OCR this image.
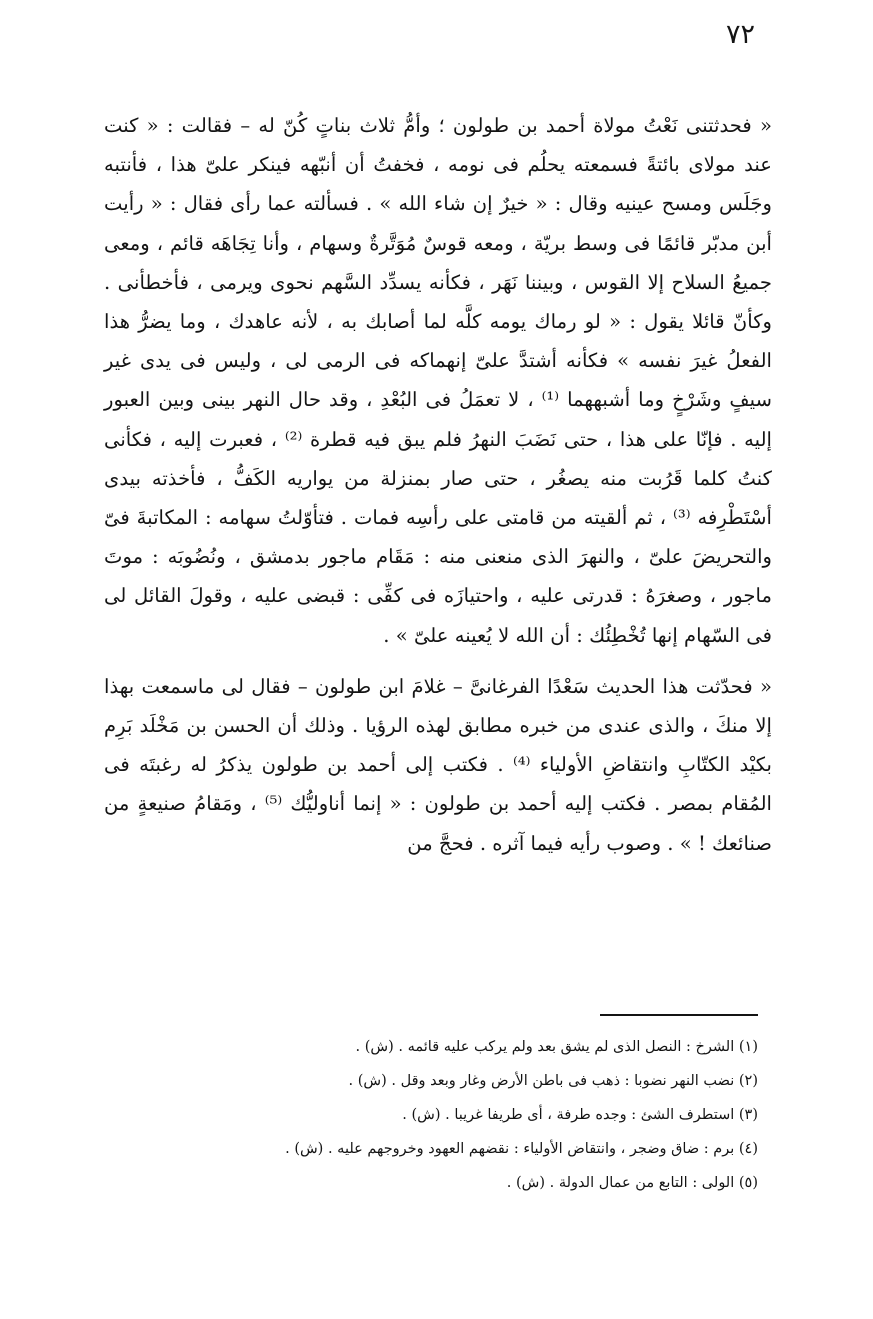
٧٢

« فحدثتنى نَعْتُ مولاة أحمد بن طولون ؛ وأمُّ ثلاث بناتٍ كُنّ له – فقالت : « كنت عند مولاى بائتةً فسمعته يحلُم فى نومه ، فخفتُ أن أنبّهه فينكر علىّ هذا ، فأنتبه وجَلَس ومسح عينيه وقال : « خيرٌ إن شاء الله » . فسألته عما رأى فقال : « رأيت أبن مدبّر قائمًا فى وسط بريّة ، ومعه قوسٌ مُوَتَّرةٌ وسهام ، وأنا تِجَاهَه قائم ، ومعى جميعُ السلاح إلا القوس ، وبيننا نَهَر ، فكأنه يسدِّد السَّهم نحوى ويرمى ، فأخطأنى . وكأنّ قائلا يقول : « لو رماك يومه كلَّه لما أصابك به ، لأنه عاهدك ، وما يضرُّ هذا الفعلُ غيرَ نفسه » فكأنه أشتدَّ علىّ إنهماكه فى الرمى لى ، وليس فى يدى غير سيفٍ وشَرْخٍ وما أشبههما ⁽¹⁾ ، لا تعمَلُ فى البُعْدِ ، وقد حال النهر بينى وبين العبور إليه . فإنّا على هذا ، حتى نَضَبَ النهرُ فلم يبق فيه قطرة ⁽²⁾ ، فعبرت إليه ، فكأنى كنتُ كلما قَرُبت منه يصغُر ، حتى صار بمنزلة من يواريه الكَفُّ ، فأخذته بيدى أسْتَطْرِفه ⁽³⁾ ، ثم ألقيته من قامتى على رأسِه فمات . فتأوّلتُ سهامه : المكاتبةَ فىّ والتحريضَ علىّ ، والنهرَ الذى منعنى منه : مَقَام ماجور بدمشق ، ونُضُوبَه : موتَ ماجور ، وصغرَهُ : قدرتى عليه ، واحتيازَه فى كفِّى : قبضى عليه ، وقولَ القائل لى فى السّهام إنها تُخْطِئُك : أن الله لا يُعينه علىّ » .

« فحدّثت هذا الحديث سَعْدًا الفرغانىَّ – غلامَ ابن طولون – فقال لى ماسمعت بهذا إلا منكَ ، والذى عندى من خبره مطابق لهذه الرؤيا . وذلك أن الحسن بن مَخْلَد بَرِم بكيْد الكتّابِ وانتقاضِ الأولياء ⁽⁴⁾ . فكتب إلى أحمد بن طولون يذكرُ له رغبتَه فى المُقام بمصر . فكتب إليه أحمد بن طولون : « إنما أناوليُّك ⁽⁵⁾ ، ومَقامُ صنيعةٍ من صنائعك ! » . وصوب رأيه فيما آثره . فحجَّ من

(١) الشرخ : النصل الذى لم يشق بعد ولم يركب عليه قائمه . (ش) .
(٢) نضب النهر نضوبا : ذهب فى باطن الأرض وغار وبعد وقل . (ش) .
(٣) استطرف الشئ : وجده طرفة ، أى طريفا غريبا . (ش) .
(٤) برم : ضاق وضجر ، وانتقاض الأولياء : نقضهم العهود وخروجهم عليه . (ش) .
(٥) الولى : التابع من عمال الدولة . (ش) .
